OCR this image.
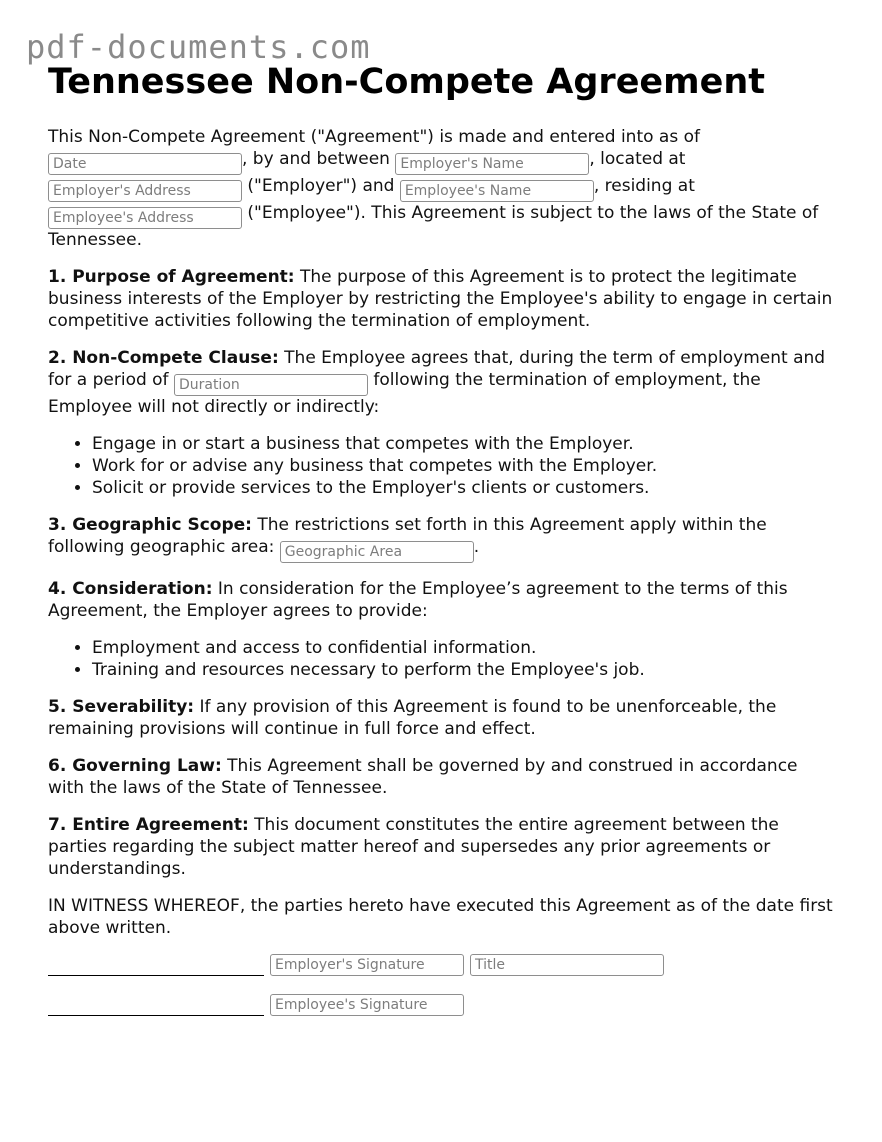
pdf-documents.com
Tennessee Non-Compete Agreement

This Non-Compete Agreement ("Agreement") is made and entered into as of
Date, by and between Employer's Name	, located at
Employer's Address ("Employer") and Employee's Name	, residing at
Employee's Address ("Employee"). This Agreement is subject to the laws of the State of Tennessee.

1. Purpose of Agreement: The purpose of this Agreement is to protect the legitimate business interests of the Employer by restricting the Employee's ability to engage in certain competitive activities following the termination of employment.

2. Non-Compete Clause: The Employee agrees that, during the term of employment and for a period of Duration	following the termination of employment, the Employee will not directly or indirectly:

• Engage in or start a business that competes with the Employer.
• Work for or advise any business that competes with the Employer.
• Solicit or provide services to the Employer's clients or customers.

3. Geographic Scope: The restrictions set forth in this Agreement apply within the following geographic area: Geographic Area	.

4. Consideration: In consideration for the Employee’s agreement to the terms of this Agreement, the Employer agrees to provide:

• Employment and access to confidential information.
• Training and resources necessary to perform the Employee's job.

5. Severability: If any provision of this Agreement is found to be unenforceable, the remaining provisions will continue in full force and effect.

6. Governing Law: This Agreement shall be governed by and construed in accordance with the laws of the State of Tennessee.

7. Entire Agreement: This document constitutes the entire agreement between the parties regarding the subject matter hereof and supersedes any prior agreements or understandings.

IN WITNESS WHEREOF, the parties hereto have executed this Agreement as of the date first above written.

Employer's Signature
Title
Employee's Signature
